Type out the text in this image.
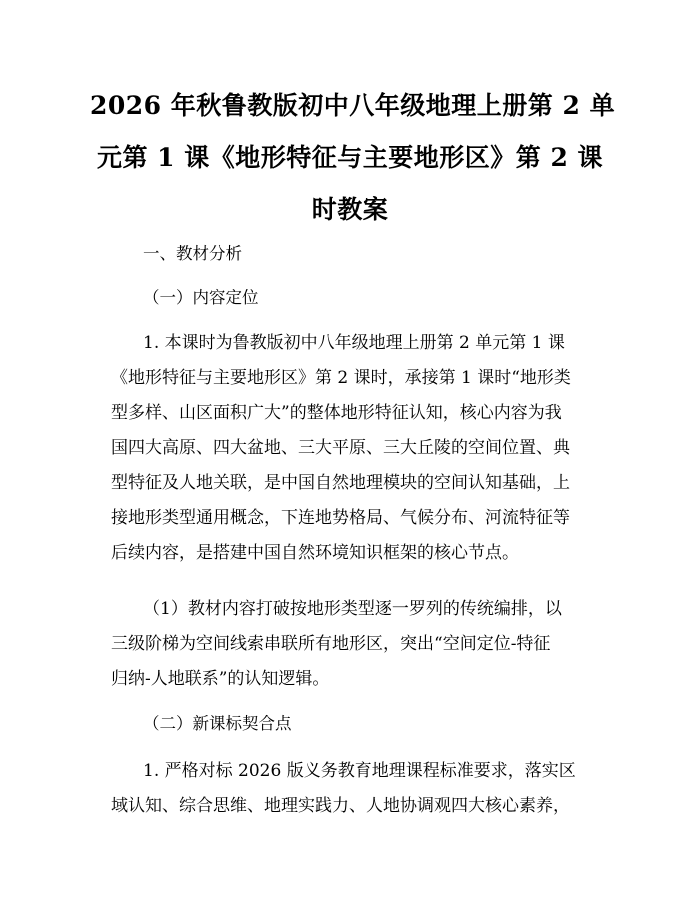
2026 年秋鲁教版初中八年级地理上册第 2 单
元第 1 课《地形特征与主要地形区》第 2 课
时教案

一、教材分析

（一）内容定位

1. 本课时为鲁教版初中八年级地理上册第 2 单元第 1 课
《地形特征与主要地形区》第 2 课时，承接第 1 课时“地形类
型多样、山区面积广大”的整体地形特征认知，核心内容为我
国四大高原、四大盆地、三大平原、三大丘陵的空间位置、典
型特征及人地关联，是中国自然地理模块的空间认知基础，上
接地形类型通用概念，下连地势格局、气候分布、河流特征等
后续内容，是搭建中国自然环境知识框架的核心节点。
（1）教材内容打破按地形类型逐一罗列的传统编排，以
三级阶梯为空间线索串联所有地形区，突出“空间定位-特征
归纳-人地联系”的认知逻辑。

（二）新课标契合点

1. 严格对标 2026 版义务教育地理课程标准要求，落实区
域认知、综合思维、地理实践力、人地协调观四大核心素养，
